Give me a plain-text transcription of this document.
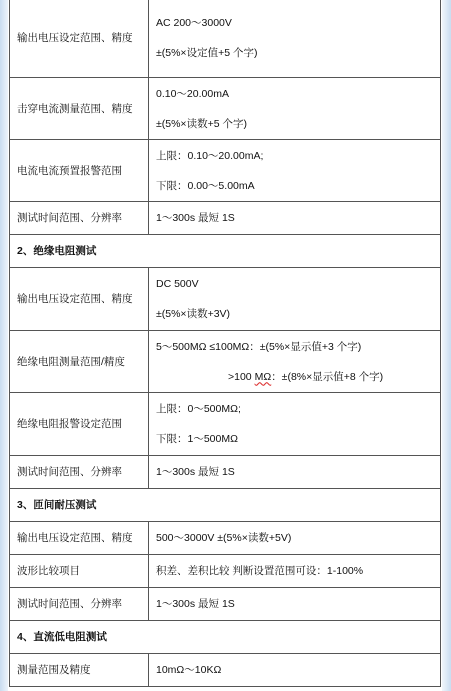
输出电压设定范围、精度	AC 200～3000V
±(5%×设定值+5 个字)

击穿电流测量范围、精度	0.10～20.00mA
±(5%×读数+5 个字)

电流电流预置报警范围	上限：0.10～20.00mA;
下限：0.00～5.00mA

测试时间范围、分辨率	1～300s 最短 1S
2、绝缘电阻测试	
输出电压设定范围、精度	DC 500V
±(5%×读数+3V)

绝缘电阻测量范围/精度	5～500MΩ ≤100MΩ：±(5%×显示值+3 个字)
>100 MΩ：±(8%×显示值+8 个字)

绝缘电阻报警设定范围	上限：0～500MΩ;
下限：1～500MΩ

测试时间范围、分辨率	1～300s 最短 1S
3、匝间耐压测试	
输出电压设定范围、精度	500～3000V ±(5%×读数+5V)
波形比较项目	积差、差积比较 判断设置范围可设：1-100%
测试时间范围、分辨率	1～300s 最短 1S
4、直流低电阻测试	
测量范围及精度	10mΩ～10KΩ
